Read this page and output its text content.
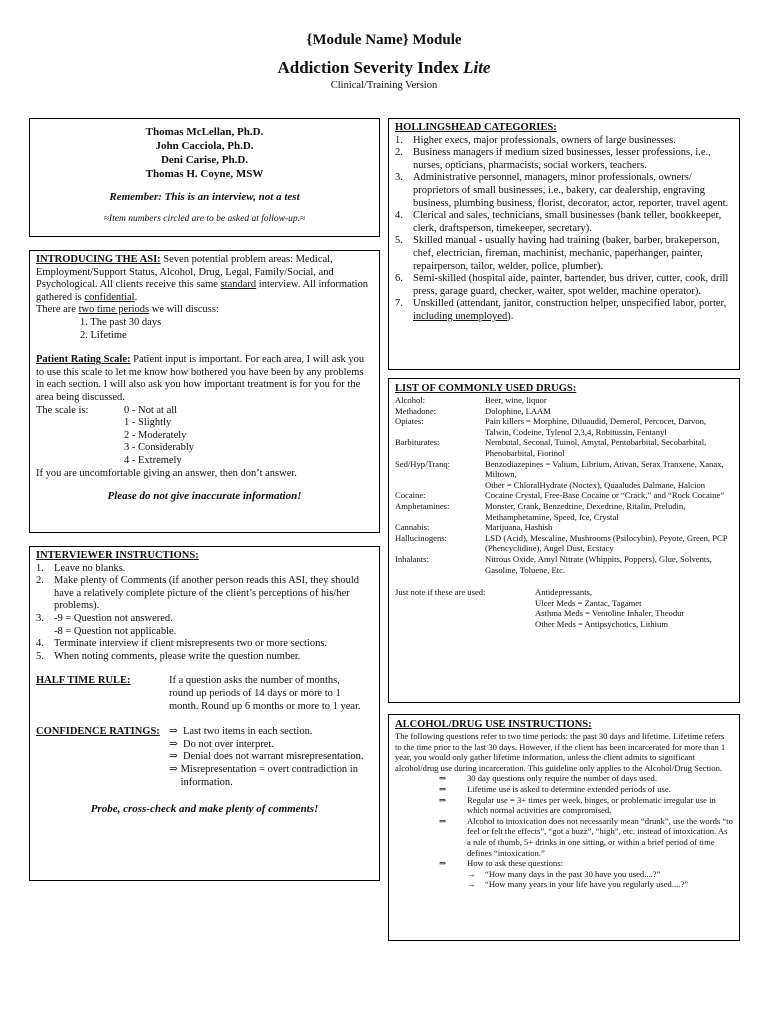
{Module Name} Module
Addiction Severity Index Lite
Clinical/Training Version
Thomas McLellan, Ph.D.
John Cacciola, Ph.D.
Deni Carise, Ph.D.
Thomas H. Coyne, MSW
Remember: This is an interview, not a test
≈Item numbers circled are to be asked at follow-up.≈
INTRODUCING THE ASI: Seven potential problem areas: Medical, Employment/Support Status, Alcohol, Drug, Legal, Family/Social, and Psychological. All clients receive this same standard interview. All information gathered is confidential.
There are two time periods we will discuss:
1. The past 30 days
2. Lifetime
Patient Rating Scale: Patient input is important. For each area, I will ask you to use this scale to let me know how bothered you have been by any problems in each section. I will also ask you how important treatment is for you for the area being discussed.
The scale is:	0 - Not at all
1 - Slightly
2 - Moderately
3 - Considerably
4 - Extremely
If you are uncomfortable giving an answer, then don’t answer.
Please do not give inaccurate information!
INTERVIEWER INSTRUCTIONS:
1. Leave no blanks.
2. Make plenty of Comments (if another person reads this ASI, they should have a relatively complete picture of the client’s perceptions of his/her problems).
3. -9 = Question not answered.
-8 = Question not applicable.
4. Terminate interview if client misrepresents two or more sections.
5. When noting comments, please write the question number.
HALF TIME RULE:	If a question asks the number of months, round up periods of 14 days or more to 1 month. Round up 6 months or more to 1 year.
CONFIDENCE RATINGS: ⇒ Last two items in each section.
⇒ Do not over interpret.
⇒ Denial does not warrant misrepresentation.
⇒ Misrepresentation = overt contradiction in information.
Probe, cross-check and make plenty of comments!
HOLLINGSHEAD CATEGORIES:
1. Higher execs, major professionals, owners of large businesses.
2. Business managers if medium sized businesses, lesser professions, i.e., nurses, opticians, pharmacists, social workers, teachers.
3. Administrative personnel, managers, minor professionals, owners/ proprietors of small businesses, i.e., bakery, car dealership, engraving business, plumbing business, florist, decorator, actor, reporter, travel agent.
4. Clerical and sales, technicians, small businesses (bank teller, bookkeeper, clerk, draftsperson, timekeeper, secretary).
5. Skilled manual - usually having had training (baker, barber, brakeperson, chef, electrician, fireman, machinist, mechanic, paperhanger, painter, repairperson, tailor, welder, police, plumber).
6. Semi-skilled (hospital aide, painter, bartender, bus driver, cutter, cook, drill press, garage guard, checker, waiter, spot welder, machine operator).
7. Unskilled (attendant, janitor, construction helper, unspecified labor, porter, including unemployed).
LIST OF COMMONLY USED DRUGS:
Alcohol:	Beer, wine, liquor
Methadone:	Dolophine, LAAM
Opiates:	Pain killers = Morphine, Diluaudid, Demerol, Percocet, Darvon, Talwin, Codeine, Tylenol 2,3,4, Robitussin, Fentanyl
Barbiturates:	Nembutal, Seconal, Tuinol, Amytal, Pentobarbital, Secobarbital, Phenobarbital, Fiorinol
Sed/Hyp/Tranq:	Benzodiazepines = Valium, Librium, Ativan, Serax Tranxene, Xanax, Miltown,
Other = ChloralHydrate (Noctex), Quaaludes Dalmane, Halcion
Cocaine:	Cocaine Crystal, Free-Base Cocaine or “Crack,” and “Rock Cocaine”
Amphetamines:	Monster, Crank, Benzedrine, Dexedrine, Ritalin, Preludin, Methamphetamine, Speed, Ice, Crystal
Cannabis:	Marijuana, Hashish
Hallucinogens:	LSD (Acid), Mescaline, Mushrooms (Psilocybin), Peyote, Green, PCP (Phencyclidine), Angel Dust, Ecstacy
Inhalants:	Nitrous Oxide, Amyl Nitrate (Whippits, Poppers), Glue, Solvents, Gasoline, Toluene, Etc.
Just note if these are used:	Antidepressants,
Ulcer Meds = Zantac, Tagamet
Asthma Meds = Ventoline Inhaler, Theodur
Other Meds = Antipsychotics, Lithium
ALCOHOL/DRUG USE INSTRUCTIONS:
The following questions refer to two time periods: the past 30 days and lifetime. Lifetime refers to the time prior to the last 30 days. However, if the client has been incarcerated for more than 1 year, you would only gather lifetime information, unless the client admits to significant alcohol/drug use during incarceration. This guideline only applies to the Alcohol/Drug Section.
⇒	30 day questions only require the number of days used.
⇒	Lifetime use is asked to determine extended periods of use.
⇒	Regular use = 3+ times per week, binges, or problematic irregular use in which normal activities are compromised.
⇒	Alcohol to intoxication does not necessarily mean “drunk”, use the words “to feel or felt the effects”, “got a buzz”, “high”, etc. instead of intoxication. As a rule of thumb, 5+ drinks in one sitting, or within a brief period of time defines “intoxication.”
⇒	How to ask these questions:
→	“How many days in the past 30 have you used....?”
→	“How many years in your life have you regularly used....?”
